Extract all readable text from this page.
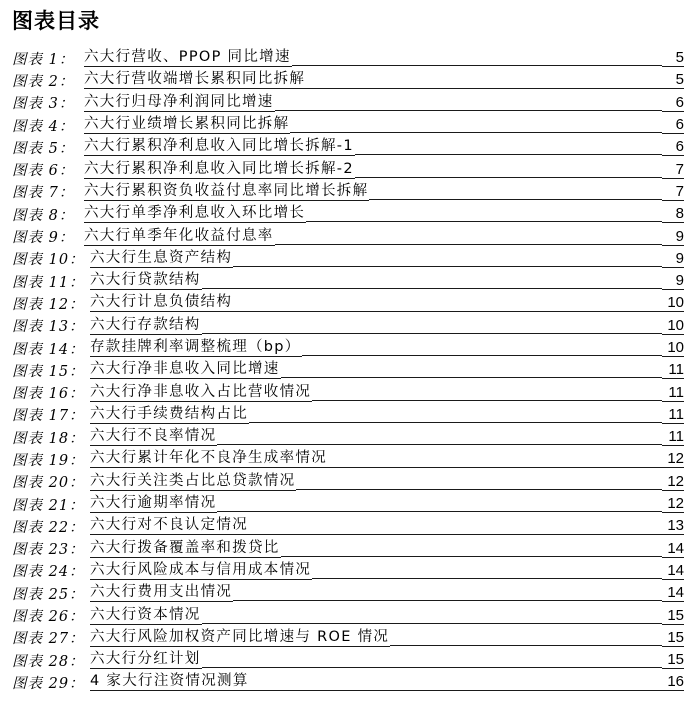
图表目录
图表 1： 六大行营收、PPOP 同比增速	5
图表 2： 六大行营收端增长累积同比拆解	5
图表 3： 六大行归母净利润同比增速	6
图表 4： 六大行业绩增长累积同比拆解	6
图表 5： 六大行累积净利息收入同比增长拆解-1	6
图表 6： 六大行累积净利息收入同比增长拆解-2	7
图表 7： 六大行累积资负收益付息率同比增长拆解	7
图表 8： 六大行单季净利息收入环比增长	8
图表 9： 六大行单季年化收益付息率	9
图表 10： 六大行生息资产结构	9
图表 11： 六大行贷款结构	9
图表 12： 六大行计息负债结构	10
图表 13： 六大行存款结构	10
图表 14： 存款挂牌利率调整梳理（bp）	10
图表 15： 六大行净非息收入同比增速	11
图表 16： 六大行净非息收入占比营收情况	11
图表 17： 六大行手续费结构占比	11
图表 18： 六大行不良率情况	11
图表 19： 六大行累计年化不良净生成率情况	12
图表 20： 六大行关注类占比总贷款情况	12
图表 21： 六大行逾期率情况	12
图表 22： 六大行对不良认定情况	13
图表 23： 六大行拨备覆盖率和拨贷比	14
图表 24： 六大行风险成本与信用成本情况	14
图表 25： 六大行费用支出情况	14
图表 26： 六大行资本情况	15
图表 27： 六大行风险加权资产同比增速与 ROE 情况	15
图表 28： 六大行分红计划	15
图表 29： 4 家大行注资情况测算	16
